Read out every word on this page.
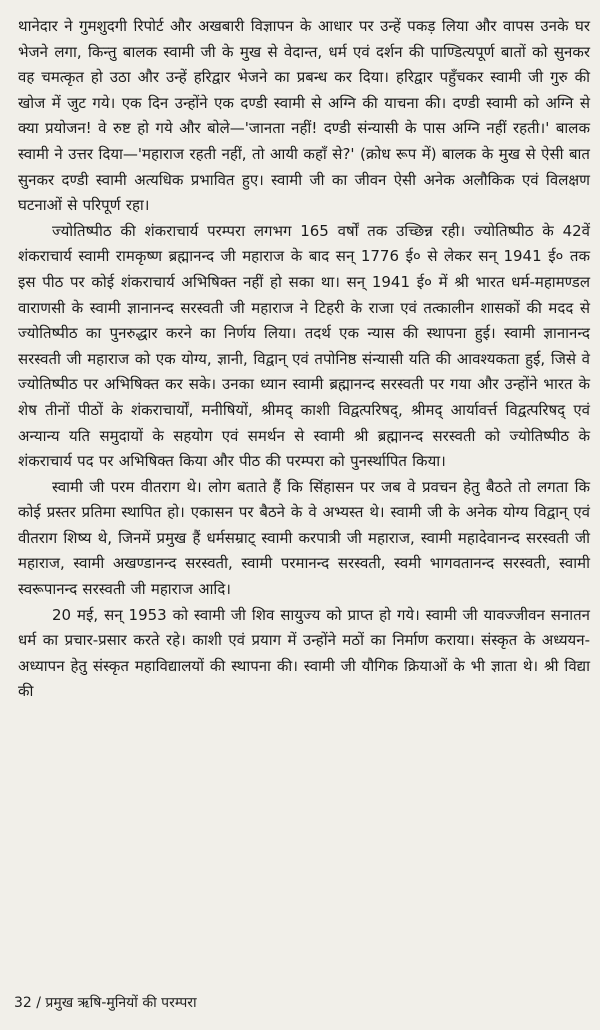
थानेदार ने गुमशुदगी रिपोर्ट और अखबारी विज्ञापन के आधार पर उन्हें पकड़ लिया और वापस उनके घर भेजने लगा, किन्तु बालक स्वामी जी के मुख से वेदान्त, धर्म एवं दर्शन की पाण्डित्यपूर्ण बातों को सुनकर वह चमत्कृत हो उठा और उन्हें हरिद्वार भेजने का प्रबन्ध कर दिया। हरिद्वार पहुँचकर स्वामी जी गुरु की खोज में जुट गये। एक दिन उन्होंने एक दण्डी स्वामी से अग्नि की याचना की। दण्डी स्वामी को अग्नि से क्या प्रयोजन! वे रुष्ट हो गये और बोले—'जानता नहीं! दण्डी संन्यासी के पास अग्नि नहीं रहती।' बालक स्वामी ने उत्तर दिया—'महाराज रहती नहीं, तो आयी कहाँ से?' (क्रोध रूप में) बालक के मुख से ऐसी बात सुनकर दण्डी स्वामी अत्यधिक प्रभावित हुए। स्वामी जी का जीवन ऐसी अनेक अलौकिक एवं विलक्षण घटनाओं से परिपूर्ण रहा।

ज्योतिष्पीठ की शंकराचार्य परम्परा लगभग 165 वर्षों तक उच्छिन्न रही। ज्योतिष्पीठ के 42वें शंकराचार्य स्वामी रामकृष्ण ब्रह्मानन्द जी महाराज के बाद सन् 1776 ई० से लेकर सन् 1941 ई० तक इस पीठ पर कोई शंकराचार्य अभिषिक्त नहीं हो सका था। सन् 1941 ई० में श्री भारत धर्म-महामण्डल वाराणसी के स्वामी ज्ञानानन्द सरस्वती जी महाराज ने टिहरी के राजा एवं तत्कालीन शासकों की मदद से ज्योतिष्पीठ का पुनरुद्धार करने का निर्णय लिया। तदर्थ एक न्यास की स्थापना हुई। स्वामी ज्ञानानन्द सरस्वती जी महाराज को एक योग्य, ज्ञानी, विद्वान् एवं तपोनिष्ठ संन्यासी यति की आवश्यकता हुई, जिसे वे ज्योतिष्पीठ पर अभिषिक्त कर सके। उनका ध्यान स्वामी ब्रह्मानन्द सरस्वती पर गया और उन्होंने भारत के शेष तीनों पीठों के शंकराचार्यों, मनीषियों, श्रीमद् काशी विद्वत्परिषद्, श्रीमद् आर्यावर्त्त विद्वत्परिषद् एवं अन्यान्य यति समुदायों के सहयोग एवं समर्थन से स्वामी श्री ब्रह्मानन्द सरस्वती को ज्योतिष्पीठ के शंकराचार्य पद पर अभिषिक्त किया और पीठ की परम्परा को पुनर्स्थापित किया।

स्वामी जी परम वीतराग थे। लोग बताते हैं कि सिंहासन पर जब वे प्रवचन हेतु बैठते तो लगता कि कोई प्रस्तर प्रतिमा स्थापित हो। एकासन पर बैठने के वे अभ्यस्त थे। स्वामी जी के अनेक योग्य विद्वान् एवं वीतराग शिष्य थे, जिनमें प्रमुख हैं धर्मसम्राट् स्वामी करपात्री जी महाराज, स्वामी महादेवानन्द सरस्वती जी महाराज, स्वामी अखण्डानन्द सरस्वती, स्वामी परमानन्द सरस्वती, स्वमी भागवतानन्द सरस्वती, स्वामी स्वरूपानन्द सरस्वती जी महाराज आदि।

20 मई, सन् 1953 को स्वामी जी शिव सायुज्य को प्राप्त हो गये। स्वामी जी यावज्जीवन सनातन धर्म का प्रचार-प्रसार करते रहे। काशी एवं प्रयाग में उन्होंने मठों का निर्माण कराया। संस्कृत के अध्ययन-अध्यापन हेतु संस्कृत महाविद्यालयों की स्थापना की। स्वामी जी यौगिक क्रियाओं के भी ज्ञाता थे। श्री विद्या की

32 / प्रमुख ऋषि-मुनियों की परम्परा
